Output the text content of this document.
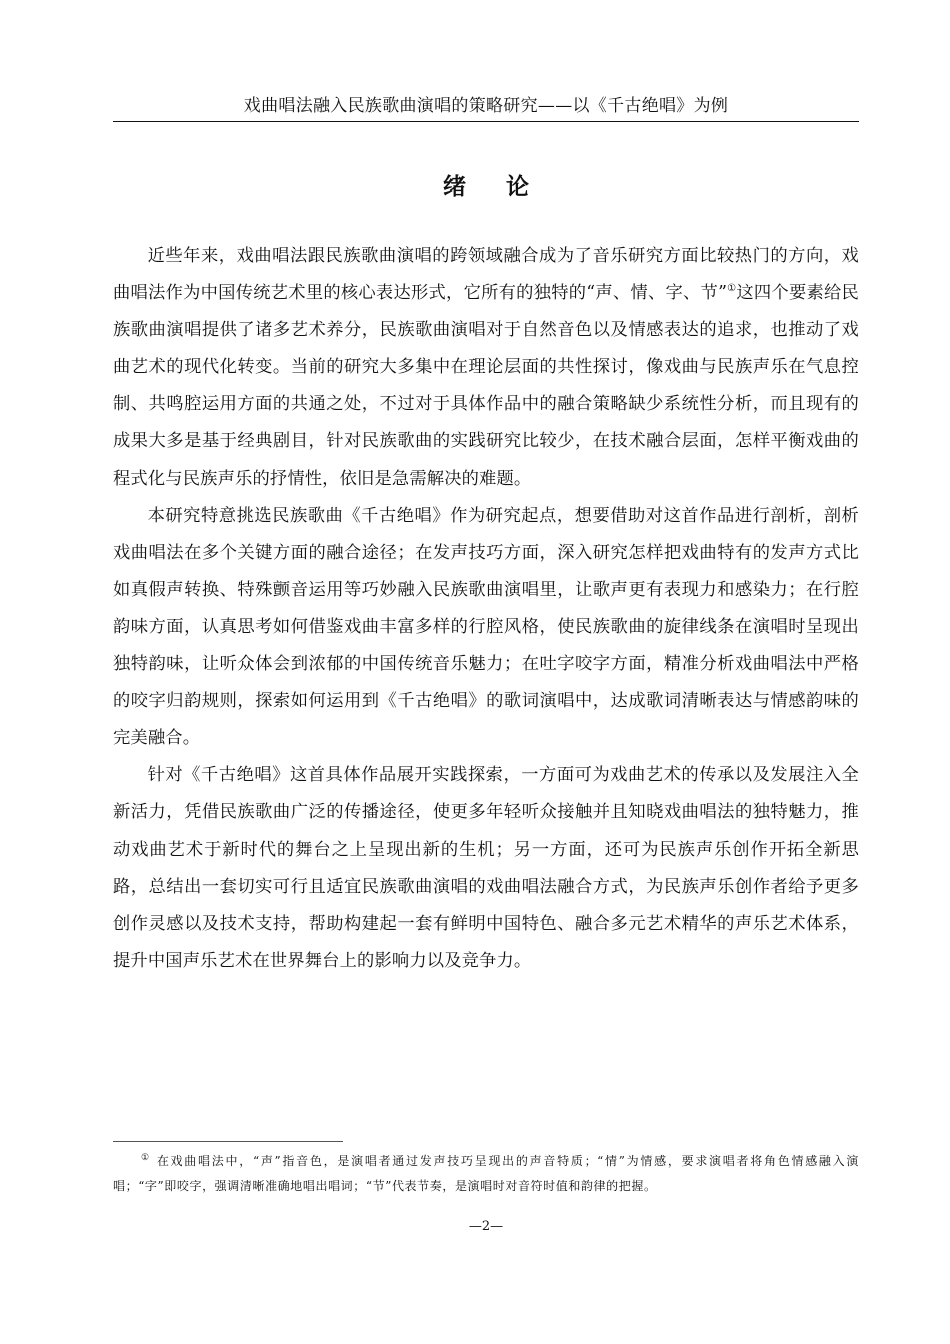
戏曲唱法融入民族歌曲演唱的策略研究——以《千古绝唱》为例
绪论

近些年来，戏曲唱法跟民族歌曲演唱的跨领域融合成为了音乐研究方面比较热门的方向，戏曲唱法作为中国传统艺术里的核心表达形式，它所有的独特的“声、情、字、节”①这四个要素给民族歌曲演唱提供了诸多艺术养分，民族歌曲演唱对于自然音色以及情感表达的追求，也推动了戏曲艺术的现代化转变。当前的研究大多集中在理论层面的共性探讨，像戏曲与民族声乐在气息控制、共鸣腔运用方面的共通之处，不过对于具体作品中的融合策略缺少系统性分析，而且现有的成果大多是基于经典剧目，针对民族歌曲的实践研究比较少，在技术融合层面，怎样平衡戏曲的程式化与民族声乐的抒情性，依旧是急需解决的难题。

本研究特意挑选民族歌曲《千古绝唱》作为研究起点，想要借助对这首作品进行剖析，剖析戏曲唱法在多个关键方面的融合途径；在发声技巧方面，深入研究怎样把戏曲特有的发声方式比如真假声转换、特殊颤音运用等巧妙融入民族歌曲演唱里，让歌声更有表现力和感染力；在行腔韵味方面，认真思考如何借鉴戏曲丰富多样的行腔风格，使民族歌曲的旋律线条在演唱时呈现出独特韵味，让听众体会到浓郁的中国传统音乐魅力；在吐字咬字方面，精准分析戏曲唱法中严格的咬字归韵规则，探索如何运用到《千古绝唱》的歌词演唱中，达成歌词清晰表达与情感韵味的完美融合。

针对《千古绝唱》这首具体作品展开实践探索，一方面可为戏曲艺术的传承以及发展注入全新活力，凭借民族歌曲广泛的传播途径，使更多年轻听众接触并且知晓戏曲唱法的独特魅力，推动戏曲艺术于新时代的舞台之上呈现出新的生机；另一方面，还可为民族声乐创作开拓全新思路，总结出一套切实可行且适宜民族歌曲演唱的戏曲唱法融合方式，为民族声乐创作者给予更多创作灵感以及技术支持，帮助构建起一套有鲜明中国特色、融合多元艺术精华的声乐艺术体系，提升中国声乐艺术在世界舞台上的影响力以及竞争力。

① 在戏曲唱法中，“声”指音色，是演唱者通过发声技巧呈现出的声音特质；“情”为情感，要求演唱者将角色情感融入演唱；“字”即咬字，强调清晰准确地唱出唱词；“节”代表节奏，是演唱时对音符时值和韵律的把握。

—2—
